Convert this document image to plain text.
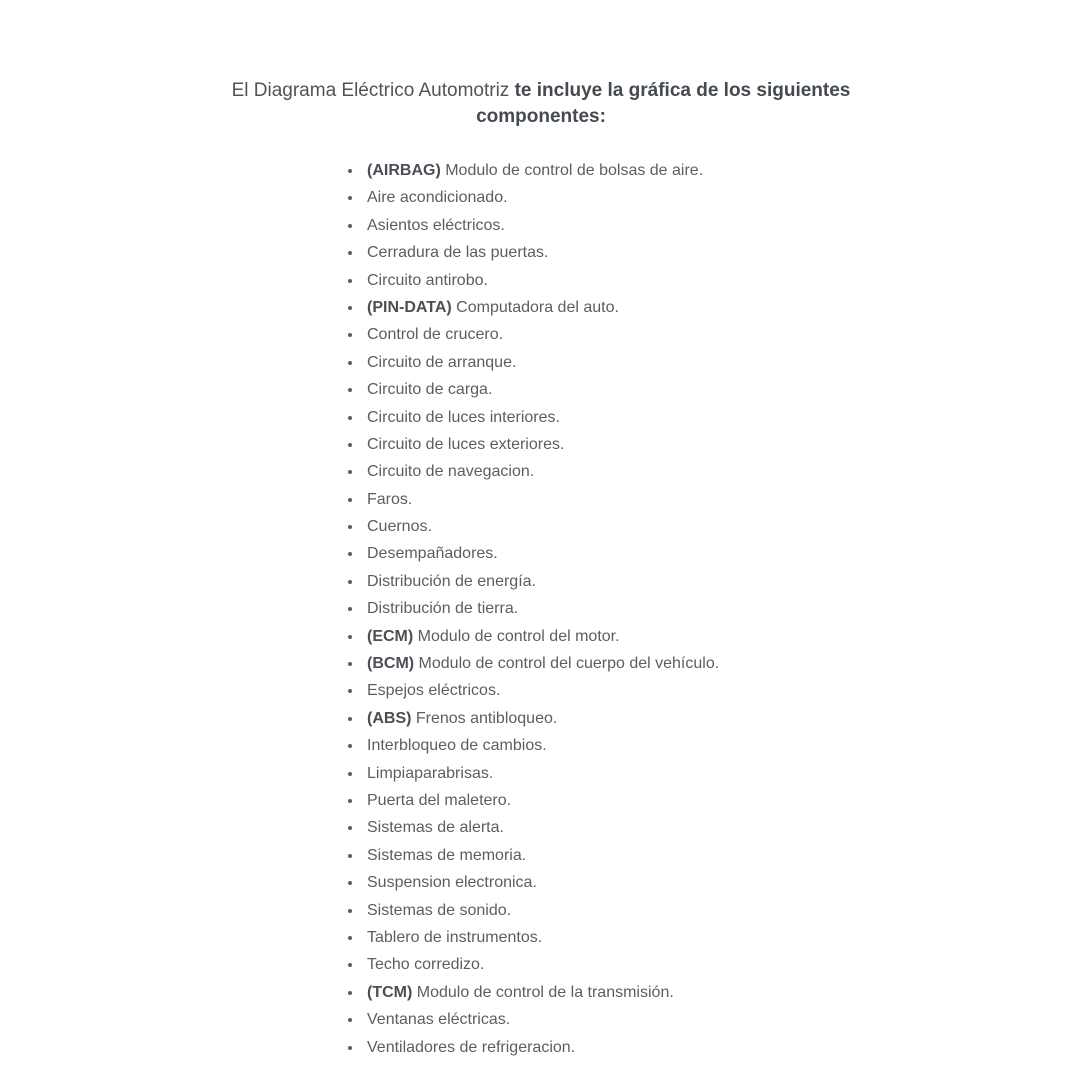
El Diagrama Eléctrico Automotriz te incluye la gráfica de los siguientes componentes:

(AIRBAG) Modulo de control de bolsas de aire.
Aire acondicionado.
Asientos eléctricos.
Cerradura de las puertas.
Circuito antirobo.
(PIN-DATA) Computadora del auto.
Control de crucero.
Circuito de arranque.
Circuito de carga.
Circuito de luces interiores.
Circuito de luces exteriores.
Circuito de navegacion.
Faros.
Cuernos.
Desempañadores.
Distribución de energía.
Distribución de tierra.
(ECM) Modulo de control del motor.
(BCM) Modulo de control del cuerpo del vehículo.
Espejos eléctricos.
(ABS) Frenos antibloqueo.
Interbloqueo de cambios.
Limpiaparabrisas.
Puerta del maletero.
Sistemas de alerta.
Sistemas de memoria.
Suspension electronica.
Sistemas de sonido.
Tablero de instrumentos.
Techo corredizo.
(TCM) Modulo de control de la transmisión.
Ventanas eléctricas.
Ventiladores de refrigeracion.
